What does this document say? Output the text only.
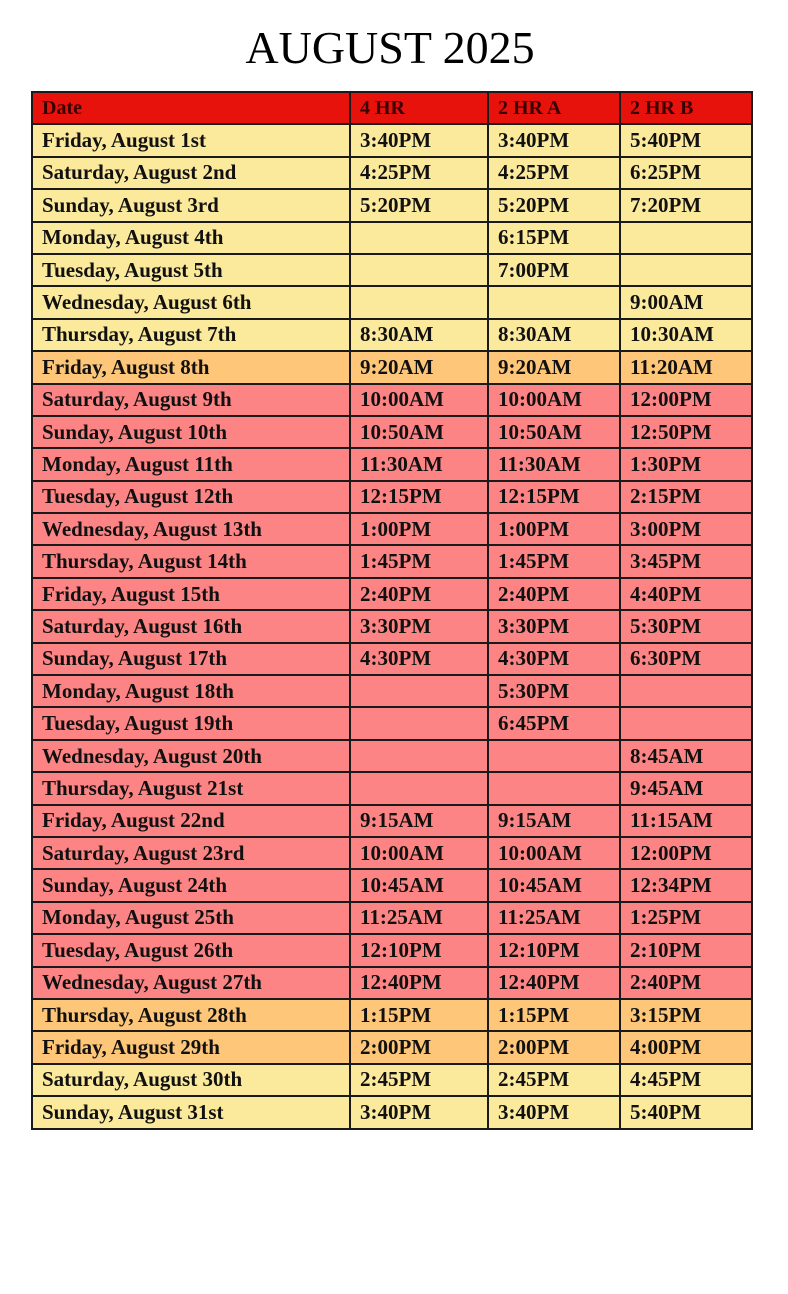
AUGUST 2025
Date	4 HR	2 HR A	2 HR B
Friday, August 1st	3:40PM	3:40PM	5:40PM
Saturday, August 2nd	4:25PM	4:25PM	6:25PM
Sunday, August 3rd	5:20PM	5:20PM	7:20PM
Monday, August 4th		6:15PM	
Tuesday, August 5th		7:00PM	
Wednesday, August 6th			9:00AM
Thursday, August 7th	8:30AM	8:30AM	10:30AM
Friday, August 8th	9:20AM	9:20AM	11:20AM
Saturday, August 9th	10:00AM	10:00AM	12:00PM
Sunday, August 10th	10:50AM	10:50AM	12:50PM
Monday, August 11th	11:30AM	11:30AM	1:30PM
Tuesday, August 12th	12:15PM	12:15PM	2:15PM
Wednesday, August 13th	1:00PM	1:00PM	3:00PM
Thursday, August 14th	1:45PM	1:45PM	3:45PM
Friday, August 15th	2:40PM	2:40PM	4:40PM
Saturday, August 16th	3:30PM	3:30PM	5:30PM
Sunday, August 17th	4:30PM	4:30PM	6:30PM
Monday, August 18th		5:30PM	
Tuesday, August 19th		6:45PM	
Wednesday, August 20th			8:45AM
Thursday, August 21st			9:45AM
Friday, August 22nd	9:15AM	9:15AM	11:15AM
Saturday, August 23rd	10:00AM	10:00AM	12:00PM
Sunday, August 24th	10:45AM	10:45AM	12:34PM
Monday, August 25th	11:25AM	11:25AM	1:25PM
Tuesday, August 26th	12:10PM	12:10PM	2:10PM
Wednesday, August 27th	12:40PM	12:40PM	2:40PM
Thursday, August 28th	1:15PM	1:15PM	3:15PM
Friday, August 29th	2:00PM	2:00PM	4:00PM
Saturday, August 30th	2:45PM	2:45PM	4:45PM
Sunday, August 31st	3:40PM	3:40PM	5:40PM
